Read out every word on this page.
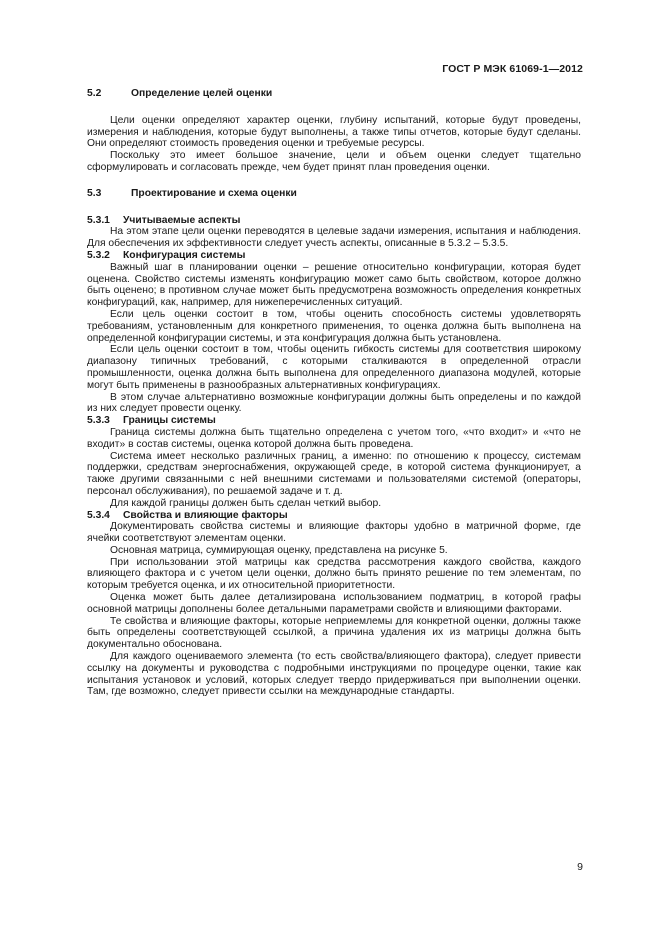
ГОСТ Р МЭК 61069-1—2012
5.2	Определение целей оценки

Цели оценки определяют характер оценки, глубину испытаний, которые будут проведены, измерения и наблюдения, которые будут выполнены, а также типы отчетов, которые будут сделаны. Они определяют стоимость проведения оценки и требуемые ресурсы.

Поскольку это имеет большое значение, цели и объем оценки следует тщательно сформулировать и согласовать прежде, чем будет принят план проведения оценки.

5.3	Проектирование и схема оценки
5.3.1 Учитываемые аспекты

На этом этапе цели оценки переводятся в целевые задачи измерения, испытания и наблюдения. Для обеспечения их эффективности следует учесть аспекты, описанные в 5.3.2 – 5.3.5.

5.3.2 Конфигурация системы

Важный шаг в планировании оценки – решение относительно конфигурации, которая будет оценена. Свойство системы изменять конфигурацию может само быть свойством, которое должно быть оценено; в противном случае может быть предусмотрена возможность определения конкретных конфигураций, как, например, для нижеперечисленных ситуаций.

Если цель оценки состоит в том, чтобы оценить способность системы удовлетворять требованиям, установленным для конкретного применения, то оценка должна быть выполнена на определенной конфигурации системы, и эта конфигурация должна быть установлена.

Если цель оценки состоит в том, чтобы оценить гибкость системы для соответствия широкому диапазону типичных требований, с которыми сталкиваются в определенной отрасли промышленности, оценка должна быть выполнена для определенного диапазона модулей, которые могут быть применены в разнообразных альтернативных конфигурациях.

В этом случае альтернативно возможные конфигурации должны быть определены и по каждой из них следует провести оценку.

5.3.3 Границы системы

Граница системы должна быть тщательно определена с учетом того, «что входит» и «что не входит» в состав системы, оценка которой должна быть проведена.

Система имеет несколько различных границ, а именно: по отношению к процессу, системам поддержки, средствам энергоснабжения, окружающей среде, в которой система функционирует, а также другими связанными с ней внешними системами и пользователями системой (операторы, персонал обслуживания), по решаемой задаче и т. д.

Для каждой границы должен быть сделан четкий выбор.

5.3.4 Свойства и влияющие факторы

Документировать свойства системы и влияющие факторы удобно в матричной форме, где ячейки соответствуют элементам оценки.

Основная матрица, суммирующая оценку, представлена на рисунке 5.

При использовании этой матрицы как средства рассмотрения каждого свойства, каждого влияющего фактора и с учетом цели оценки, должно быть принято решение по тем элементам, по которым требуется оценка, и их относительной приоритетности.

Оценка может быть далее детализирована использованием подматриц, в которой графы основной матрицы дополнены более детальными параметрами свойств и влияющими факторами.

Те свойства и влияющие факторы, которые неприемлемы для конкретной оценки, должны также быть определены соответствующей ссылкой, а причина удаления их из матрицы должна быть документально обоснована.

Для каждого оцениваемого элемента (то есть свойства/влияющего фактора), следует привести ссылку на документы и руководства с подробными инструкциями по процедуре оценки, такие как испытания установок и условий, которых следует твердо придерживаться при выполнении оценки. Там, где возможно, следует привести ссылки на международные стандарты.

9
